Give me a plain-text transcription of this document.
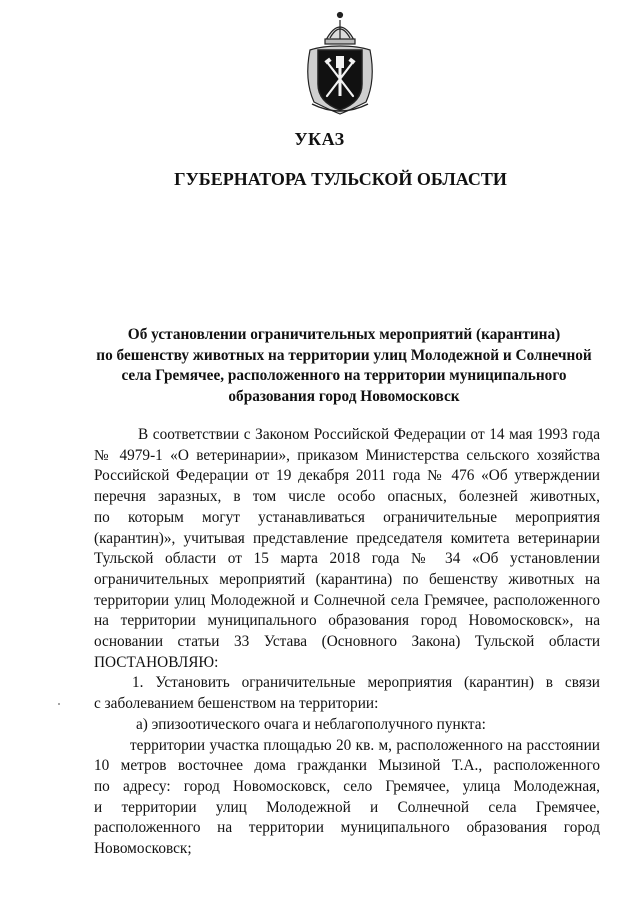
УКАЗ
ГУБЕРНАТОРА ТУЛЬСКОЙ ОБЛАСТИ
Об установлении ограничительных мероприятий (карантина)
по бешенству животных на территории улиц Молодежной и Солнечной
села Гремячее, расположенного на территории муниципального
образования город Новомосковск
В соответствии с Законом Российской Федерации от 14 мая 1993 года
№ 4979-1 «О ветеринарии», приказом Министерства сельского хозяйства
Российской Федерации от 19 декабря 2011 года № 476 «Об утверждении
перечня заразных, в том числе особо опасных, болезней животных,
по которым могут устанавливаться ограничительные мероприятия
(карантин)», учитывая представление председателя комитета ветеринарии
Тульской области от 15 марта 2018 года № 34 «Об установлении
ограничительных мероприятий (карантина) по бешенству животных на
территории улиц Молодежной и Солнечной села Гремячее, расположенного
на территории муниципального образования город Новомосковск», на
основании статьи 33 Устава (Основного Закона) Тульской области
ПОСТАНОВЛЯЮ:
1. Установить ограничительные мероприятия (карантин) в связи
с заболеванием бешенством на территории:
а) эпизоотического очага и неблагополучного пункта:
территории участка площадью 20 кв. м, расположенного на расстоянии
10 метров восточнее дома гражданки Мызиной Т.А., расположенного
по адресу: город Новомосковск, село Гремячее, улица Молодежная,
и территории улиц Молодежной и Солнечной села Гремячее,
расположенного на территории муниципального образования город
Новомосковск;
